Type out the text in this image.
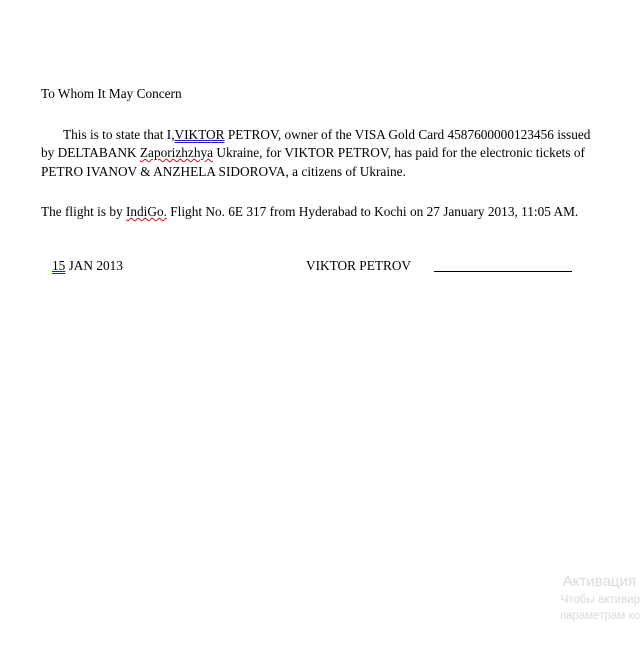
To Whom It May Concern

This is to state that I,VIKTOR PETROV, owner of the VISA Gold Card 4587600000123456 issued by DELTABANK Zaporizhzhya Ukraine, for VIKTOR PETROV, has paid for the electronic tickets of PETRO IVANOV & ANZHELA SIDOROVA, a citizens of Ukraine.

The flight is by IndiGo. Flight No. 6E 317 from Hyderabad to Kochi on 27 January 2013, 11:05 AM.

15 JAN 2013	VIKTOR PETROV
Активация
Чтобы активир
параметрам ко
